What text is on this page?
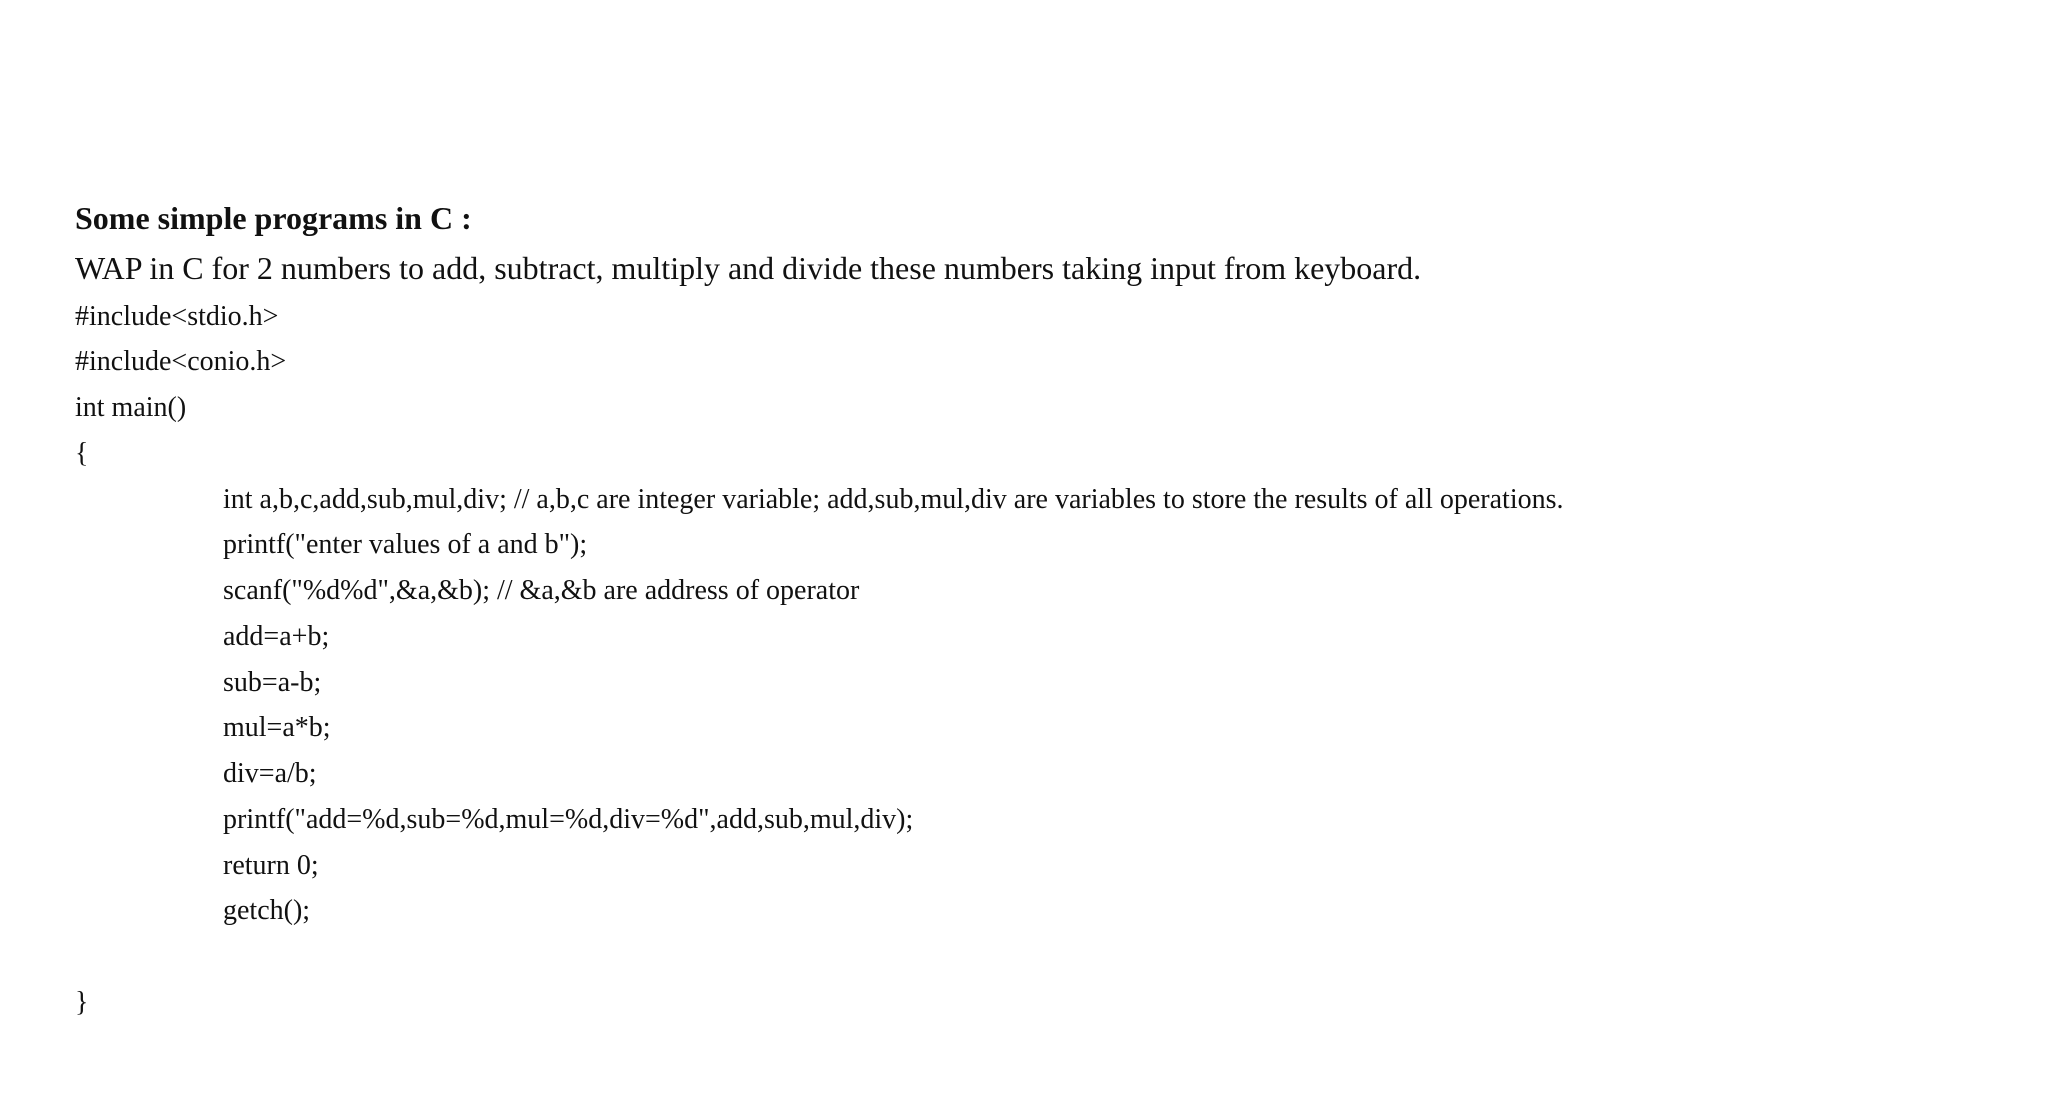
Some simple programs in C :
WAP in C for 2 numbers to add, subtract, multiply and divide these numbers taking input from keyboard.
#include<stdio.h>
#include<conio.h>
int main()
{
int a,b,c,add,sub,mul,div; // a,b,c are integer variable; add,sub,mul,div are variables to store the results of all operations.
printf("enter values of a and b");
scanf("%d%d",&a,&b); // &a,&b are address of operator
add=a+b;
sub=a-b;
mul=a*b;
div=a/b;
printf("add=%d,sub=%d,mul=%d,div=%d",add,sub,mul,div);
return 0;
getch();
}
